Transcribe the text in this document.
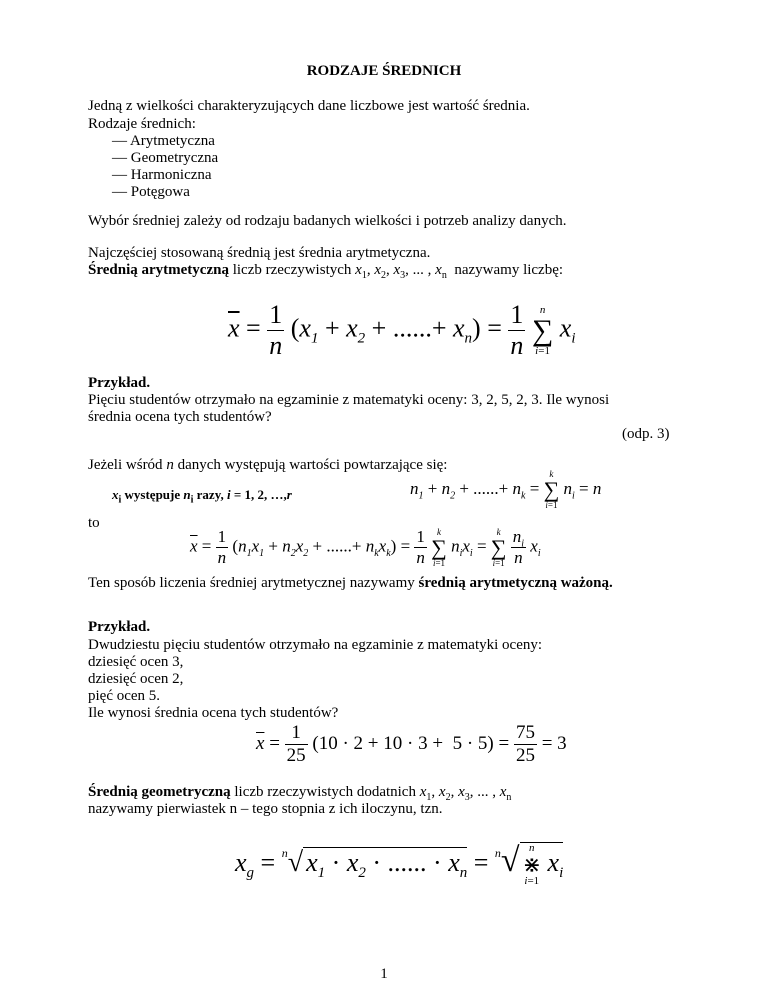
RODZAJE ŚREDNICH
Jedną z wielkości charakteryzujących dane liczbowe jest wartość średnia.
Rodzaje średnich:
— Arytmetyczna
— Geometryczna
— Harmoniczna
— Potęgowa
Wybór średniej zależy od rodzaju badanych wielkości i potrzeb analizy danych.
Najczęściej stosowaną średnią jest średnia arytmetyczna.
Średnią arytmetyczną liczb rzeczywistych $x_1$, $x_2$, $x_3$, ... , $x_n$  nazywamy liczbę:
$\overline{x} = \frac{1}{n} (x_1 + x_2$ + ......+ $x_n) = \frac{1}{n}$
	n
∑
i=1
$x_i$
Przykład.
Pięciu studentów otrzymało na egzaminie z matematyki oceny: 3, 2, 5, 2, 3. Ile wynosi
średnia ocena tych studentów?
(odp. 3)
Jeżeli wśród n danych występują wartości powtarzające się:
$x_i$ występuje $n_i$ razy, i = 1, 2, …,r	$n_1 + n_2$ + ......+ $n_k$ =
k
∑
i=1
$n_i = n$
to
$\overline{x} = \frac{1}{n} (n_1x_1 + n_2x_2$ + ......+ $n_kx_k) = \frac{1}{n}$
	k
∑
i=1
$n_ix_i$ =
k
∑
i=1
$\frac{n_i}{n} x_i$
Ten sposób liczenia średniej arytmetycznej nazywamy średnią arytmetyczną ważoną.
Przykład.
Dwudziestu pięciu studentów otrzymało na egzaminie z matematyki oceny:
dziesięć ocen 3,
dziesięć ocen 2,
pięć ocen 5.
Ile wynosi średnia ocena tych studentów?
$\overline{x} = \frac{1}{25} (10 \cdot 2 + 10 \cdot 3 + 5 \cdot 5) = \frac{75}{25} = 3$
Średnią geometryczną liczb rzeczywistych dodatnich $x_1$, $x_2$, $x_3$, ... , $x_n$
nazywamy pierwiastek n – tego stopnia z ich iloczynu, tzn.
$x_g = ^n√$ $x_1 \cdot x_2$ · ...... · $x_n = ^n√$ n
⋇
i=1
$x_i$
1
